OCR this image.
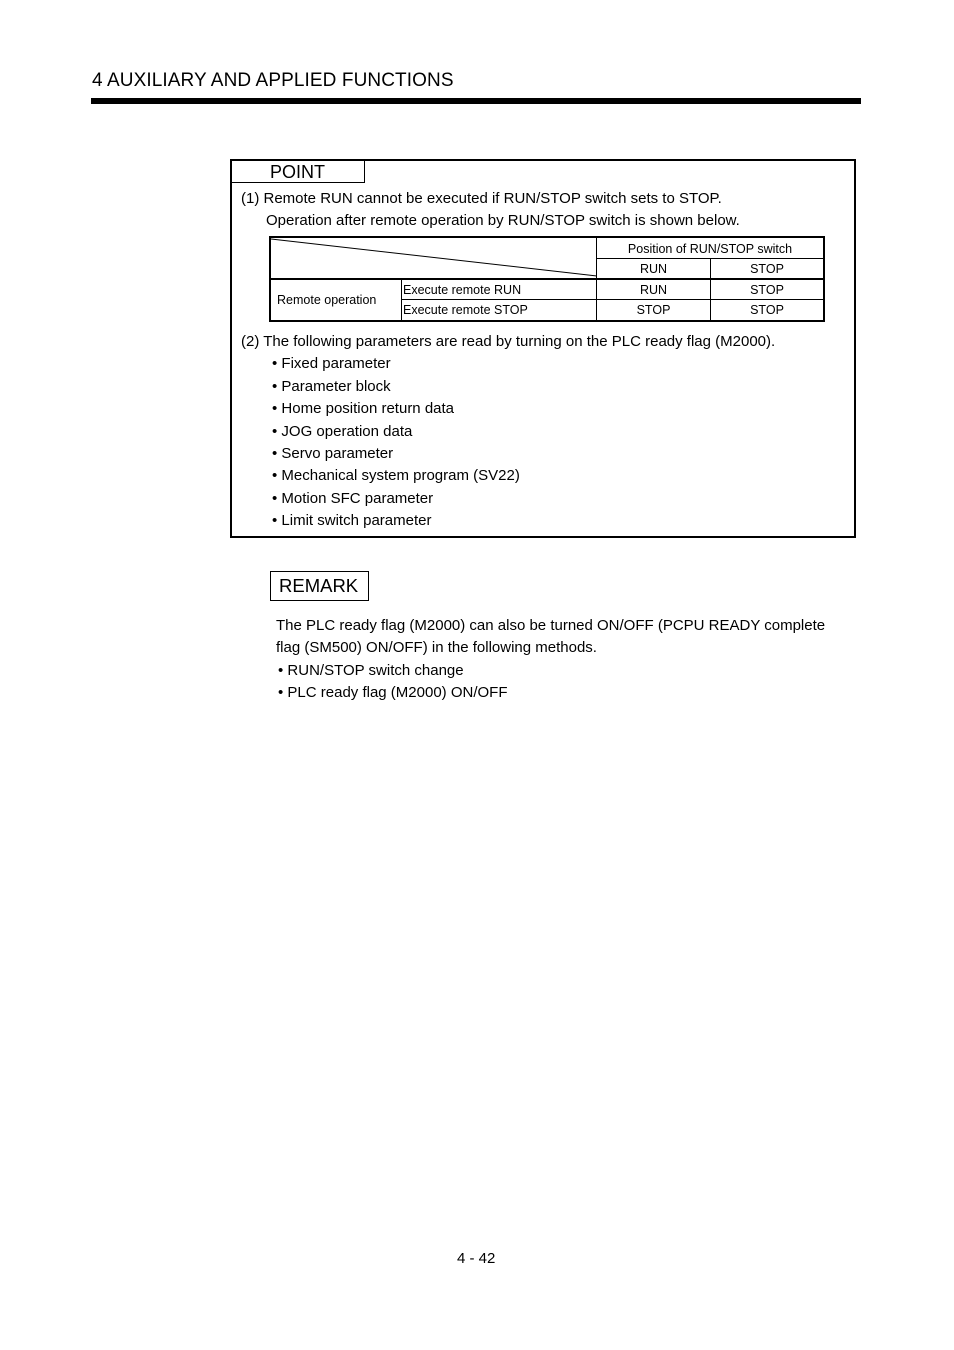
4 AUXILIARY AND APPLIED FUNCTIONS
POINT
(1) Remote RUN cannot be executed if RUN/STOP switch sets to STOP.
Operation after remote operation by RUN/STOP switch is shown below.
Position of RUN/STOP switch
RUN	STOP
Remote operation
Execute remote RUN	RUN	STOP
Execute remote STOP	STOP	STOP
(2) The following parameters are read by turning on the PLC ready flag (M2000).
• Fixed parameter
• Parameter block
• Home position return data
• JOG operation data
• Servo parameter
• Mechanical system program (SV22)
• Motion SFC parameter
• Limit switch parameter
REMARK
The PLC ready flag (M2000) can also be turned ON/OFF (PCPU READY complete
flag (SM500) ON/OFF) in the following methods.
• RUN/STOP switch change
• PLC ready flag (M2000) ON/OFF
4 - 42
